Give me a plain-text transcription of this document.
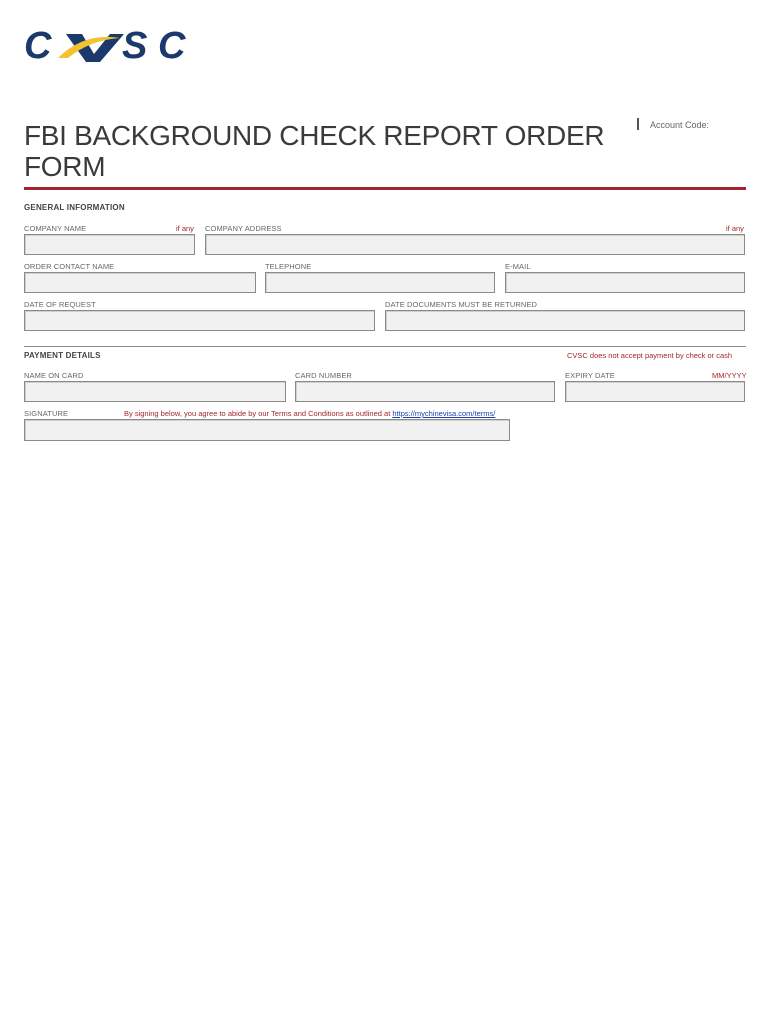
C S C
FBI BACKGROUND CHECK REPORT ORDER FORM
Account Code:
GENERAL INFORMATION
COMPANY NAME	if any COMPANY ADDRESS	if any
ORDER CONTACT NAME	TELEPHONE	E-MAIL
DATE OF REQUEST	DATE DOCUMENTS MUST BE RETURNED
PAYMENT DETAILS	CVSC does not accept payment by check or cash
NAME ON CARD	CARD NUMBER	EXPIRY DATE	MM/YYYY
SIGNATURE	By signing below, you agree to abide by our Terms and Conditions as outlined at https://mychinevisa.com/terms/
